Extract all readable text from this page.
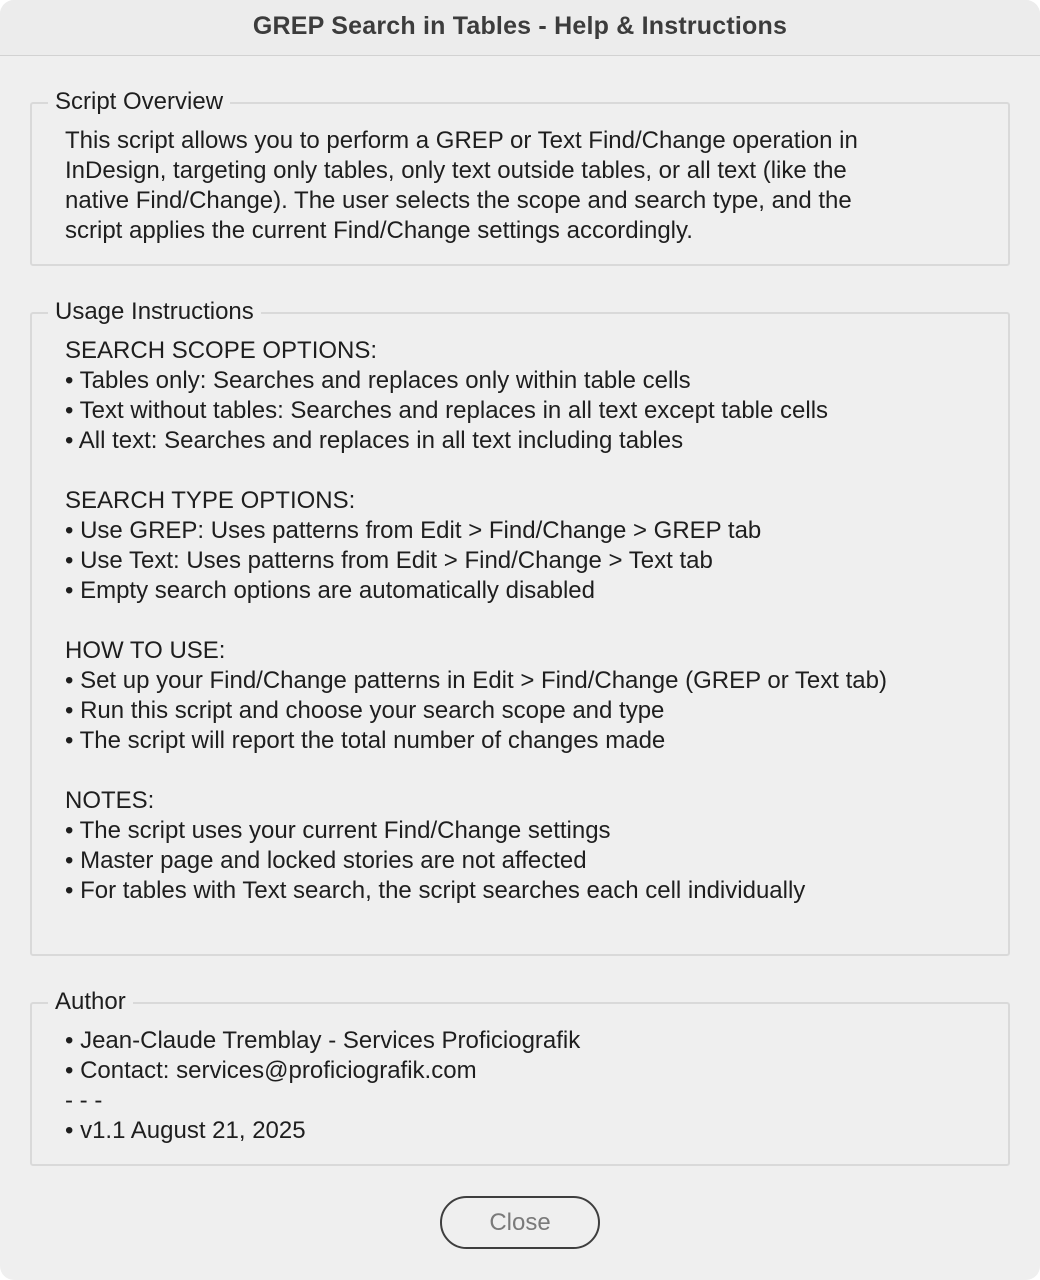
GREP Search in Tables - Help & Instructions
Script Overview
This script allows you to perform a GREP or Text Find/Change operation in
InDesign, targeting only tables, only text outside tables, or all text (like the
native Find/Change). The user selects the scope and search type, and the
script applies the current Find/Change settings accordingly.
Usage Instructions
SEARCH SCOPE OPTIONS:
• Tables only: Searches and replaces only within table cells
• Text without tables: Searches and replaces in all text except table cells
• All text: Searches and replaces in all text including tables
SEARCH TYPE OPTIONS:
• Use GREP: Uses patterns from Edit > Find/Change > GREP tab
• Use Text: Uses patterns from Edit > Find/Change > Text tab
• Empty search options are automatically disabled
HOW TO USE:
• Set up your Find/Change patterns in Edit > Find/Change (GREP or Text tab)
• Run this script and choose your search scope and type
• The script will report the total number of changes made
NOTES:
• The script uses your current Find/Change settings
• Master page and locked stories are not affected
• For tables with Text search, the script searches each cell individually
Author
• Jean-Claude Tremblay - Services Proficiografik
• Contact: services@proficiografik.com
- - -
• v1.1 August 21, 2025
Close
